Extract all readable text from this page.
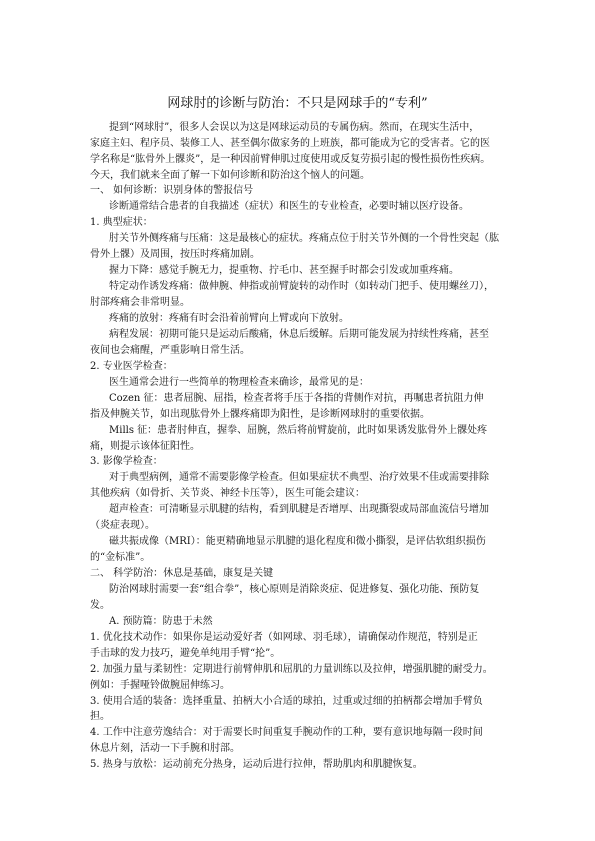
网球肘的诊断与防治：不只是网球手的“专利”
提到“网球肘”，很多人会误以为这是网球运动员的专属伤病。然而，在现实生活中，
家庭主妇、程序员、装修工人、甚至偶尔做家务的上班族，都可能成为它的受害者。它的医
学名称是“肱骨外上髁炎”，是一种因前臂伸肌过度使用或反复劳损引起的慢性损伤性疾病。
今天，我们就来全面了解一下如何诊断和防治这个恼人的问题。
一、 如何诊断：识别身体的警报信号
诊断通常结合患者的自我描述（症状）和医生的专业检查，必要时辅以医疗设备。
1. 典型症状：
肘关节外侧疼痛与压痛：这是最核心的症状。疼痛点位于肘关节外侧的一个骨性突起（肱
骨外上髁）及周围，按压时疼痛加剧。
握力下降：感觉手腕无力，提重物、拧毛巾、甚至握手时都会引发或加重疼痛。
特定动作诱发疼痛：做伸腕、伸指或前臂旋转的动作时（如转动门把手、使用螺丝刀），
肘部疼痛会非常明显。
疼痛的放射：疼痛有时会沿着前臂向上臂或向下放射。
病程发展：初期可能只是运动后酸痛，休息后缓解。后期可能发展为持续性疼痛，甚至
夜间也会痛醒，严重影响日常生活。
2. 专业医学检查：
医生通常会进行一些简单的物理检查来确诊，最常见的是：
Cozen 征：患者屈腕、屈指，检查者将手压于各指的背侧作对抗，再嘱患者抗阻力伸
指及伸腕关节，如出现肱骨外上髁疼痛即为阳性，是诊断网球肘的重要依据。
Mills 征：患者肘伸直，握拳、屈腕，然后将前臂旋前，此时如果诱发肱骨外上髁处疼
痛，则提示该体征阳性。
3. 影像学检查：
对于典型病例，通常不需要影像学检查。但如果症状不典型、治疗效果不佳或需要排除
其他疾病（如骨折、关节炎、神经卡压等），医生可能会建议：
超声检查：可清晰显示肌腱的结构，看到肌腱是否增厚、出现撕裂或局部血流信号增加
（炎症表现）。
磁共振成像（MRI）：能更精确地显示肌腱的退化程度和微小撕裂，是评估软组织损伤
的“金标准”。
二、 科学防治：休息是基础，康复是关键
防治网球肘需要一套“组合拳”，核心原则是消除炎症、促进修复、强化功能、预防复
发。
A. 预防篇：防患于未然
1. 优化技术动作：如果你是运动爱好者（如网球、羽毛球），请确保动作规范，特别是正
手击球的发力技巧，避免单纯用手臂“抡”。
2. 加强力量与柔韧性：定期进行前臂伸肌和屈肌的力量训练以及拉伸，增强肌腱的耐受力。
例如：手握哑铃做腕屈伸练习。
3. 使用合适的装备：选择重量、拍柄大小合适的球拍，过重或过细的拍柄都会增加手臂负
担。
4. 工作中注意劳逸结合：对于需要长时间重复手腕动作的工种，要有意识地每隔一段时间
休息片刻，活动一下手腕和肘部。
5. 热身与放松：运动前充分热身，运动后进行拉伸，帮助肌肉和肌腱恢复。
